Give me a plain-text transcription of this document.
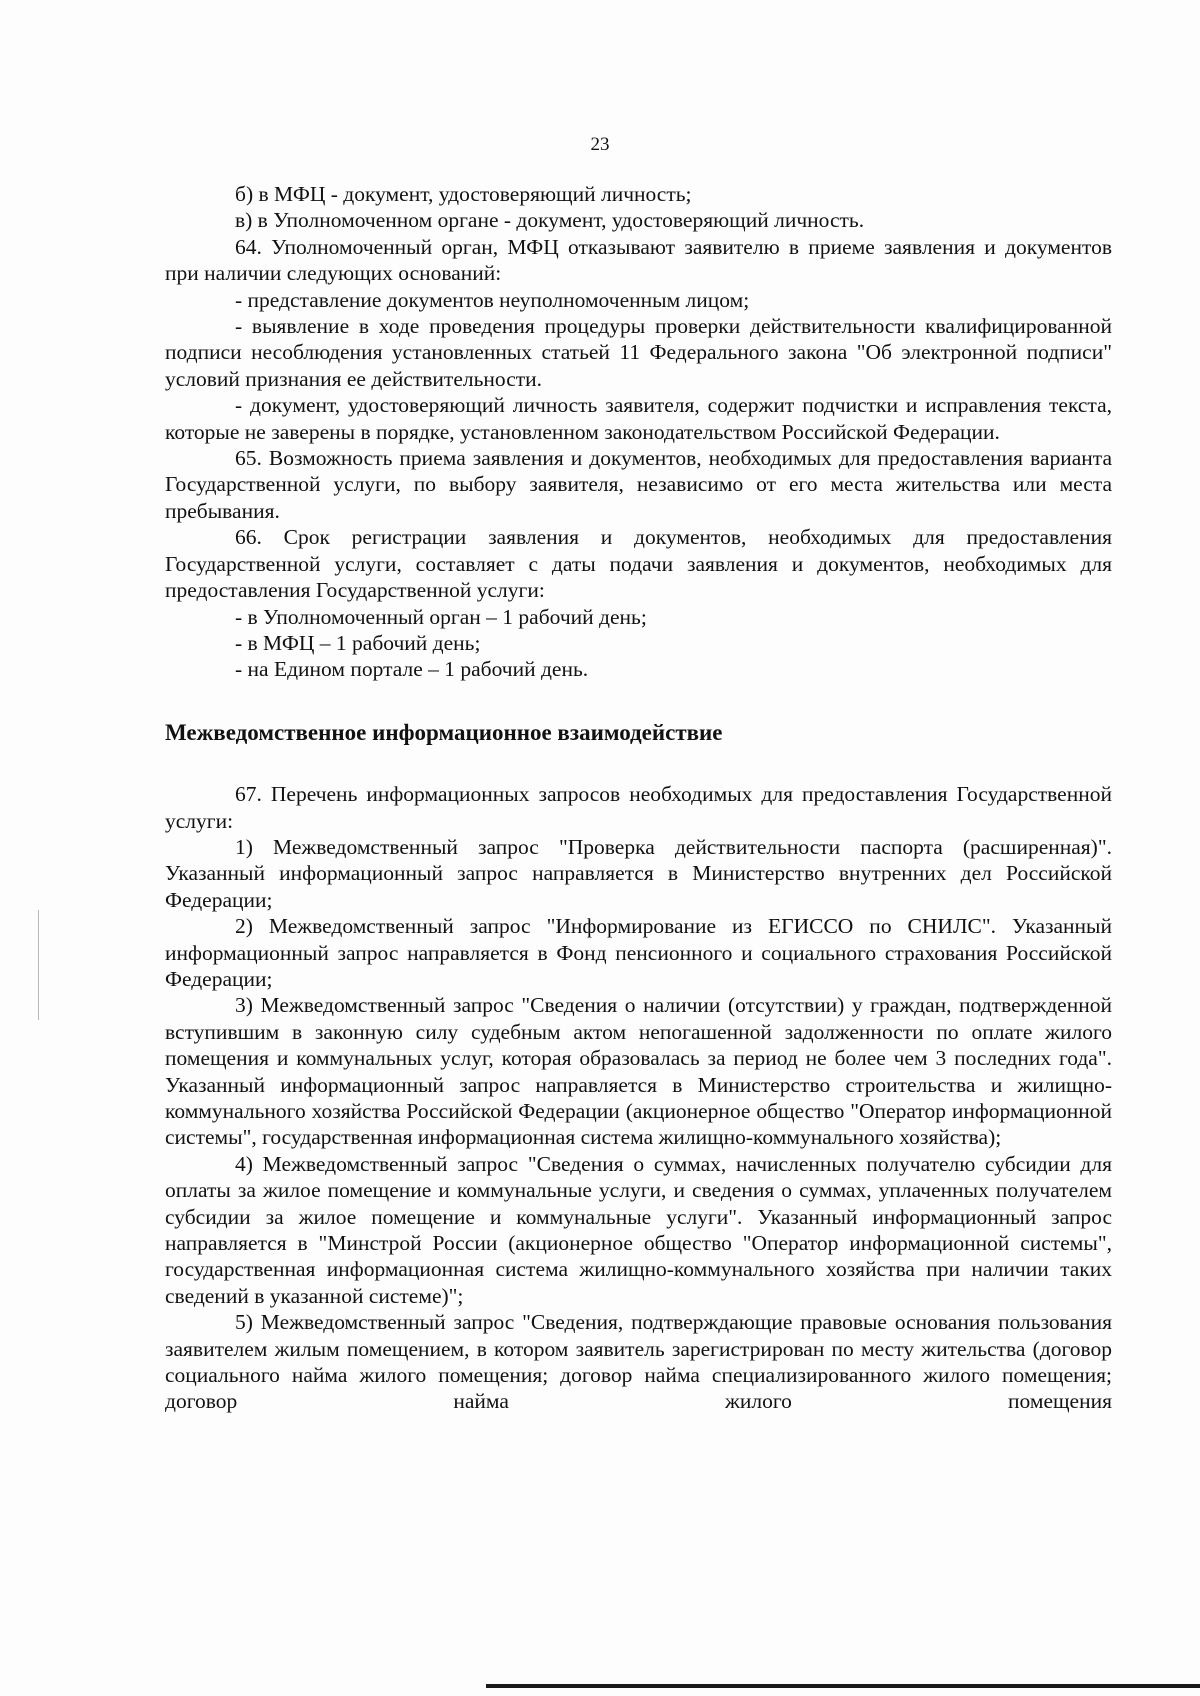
23

б) в МФЦ - документ, удостоверяющий личность;

в) в Уполномоченном органе - документ, удостоверяющий личность.

64. Уполномоченный орган, МФЦ отказывают заявителю в приеме заявления и документов при наличии следующих оснований:

- представление документов неуполномоченным лицом;

- выявление в ходе проведения процедуры проверки действительности квалифицированной подписи несоблюдения установленных статьей 11 Федерального закона "Об электронной подписи" условий признания ее действительности.

- документ, удостоверяющий личность заявителя, содержит подчистки и исправления текста, которые не заверены в порядке, установленном законодательством Российской Федерации.

65. Возможность приема заявления и документов, необходимых для предоставления варианта Государственной услуги, по выбору заявителя, независимо от его места жительства или места пребывания.

66. Срок регистрации заявления и документов, необходимых для предоставления Государственной услуги, составляет с даты подачи заявления и документов, необходимых для предоставления Государственной услуги:

- в Уполномоченный орган – 1 рабочий день;

- в МФЦ – 1 рабочий день;

- на Едином портале – 1 рабочий день.

Межведомственное информационное взаимодействие

67. Перечень информационных запросов необходимых для предоставления Государственной услуги:

1) Межведомственный запрос "Проверка действительности паспорта (расширенная)". Указанный информационный запрос направляется в Министерство внутренних дел Российской Федерации;

2) Межведомственный запрос "Информирование из ЕГИССО по СНИЛС". Указанный информационный запрос направляется в Фонд пенсионного и социального страхования Российской Федерации;

3) Межведомственный запрос "Сведения о наличии (отсутствии) у граждан, подтвержденной вступившим в законную силу судебным актом непогашенной задолженности по оплате жилого помещения и коммунальных услуг, которая образовалась за период не более чем 3 последних года". Указанный информационный запрос направляется в Министерство строительства и жилищно-коммунального хозяйства Российской Федерации (акционерное общество "Оператор информационной системы", государственная информационная система жилищно-коммунального хозяйства);

4) Межведомственный запрос "Сведения о суммах, начисленных получателю субсидии для оплаты за жилое помещение и коммунальные услуги, и сведения о суммах, уплаченных получателем субсидии за жилое помещение и коммунальные услуги". Указанный информационный запрос направляется в "Минстрой России (акционерное общество "Оператор информационной системы", государственная информационная система жилищно-коммунального хозяйства при наличии таких сведений в указанной системе)";

5) Межведомственный запрос "Сведения, подтверждающие правовые основания пользования заявителем жилым помещением, в котором заявитель зарегистрирован по месту жительства (договор социального найма жилого помещения; договор найма специализированного жилого помещения; договор найма жилого помещения
